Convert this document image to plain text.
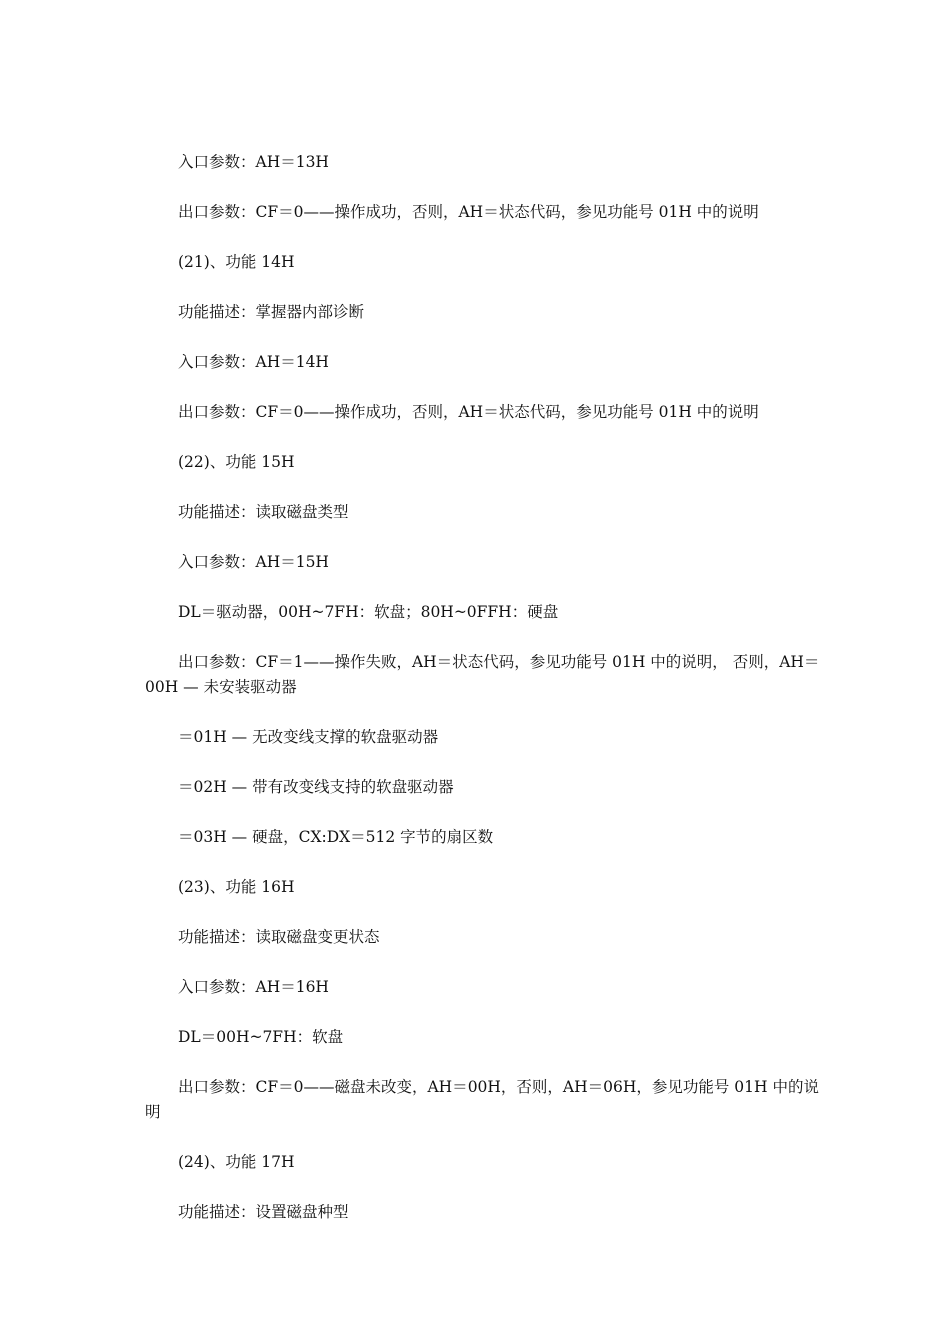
入口参数：AH＝13H

出口参数：CF＝0——操作成功，否则，AH＝状态代码，参见功能号 01H 中的说明

(21)、功能 14H

功能描述：掌握器内部诊断

入口参数：AH＝14H

出口参数：CF＝0——操作成功，否则，AH＝状态代码，参见功能号 01H 中的说明

(22)、功能 15H

功能描述：读取磁盘类型

入口参数：AH＝15H

DL＝驱动器，00H~7FH：软盘；80H~0FFH：硬盘

出口参数：CF＝1——操作失败，AH＝状态代码，参见功能号 01H 中的说明， 否则，AH＝00H — 未安装驱动器

＝01H — 无改变线支撑的软盘驱动器

＝02H — 带有改变线支持的软盘驱动器

＝03H — 硬盘，CX:DX＝512 字节的扇区数

(23)、功能 16H

功能描述：读取磁盘变更状态

入口参数：AH＝16H

DL＝00H~7FH：软盘

出口参数：CF＝0——磁盘未改变，AH＝00H，否则，AH＝06H，参见功能号 01H 中的说明

(24)、功能 17H

功能描述：设置磁盘种型
